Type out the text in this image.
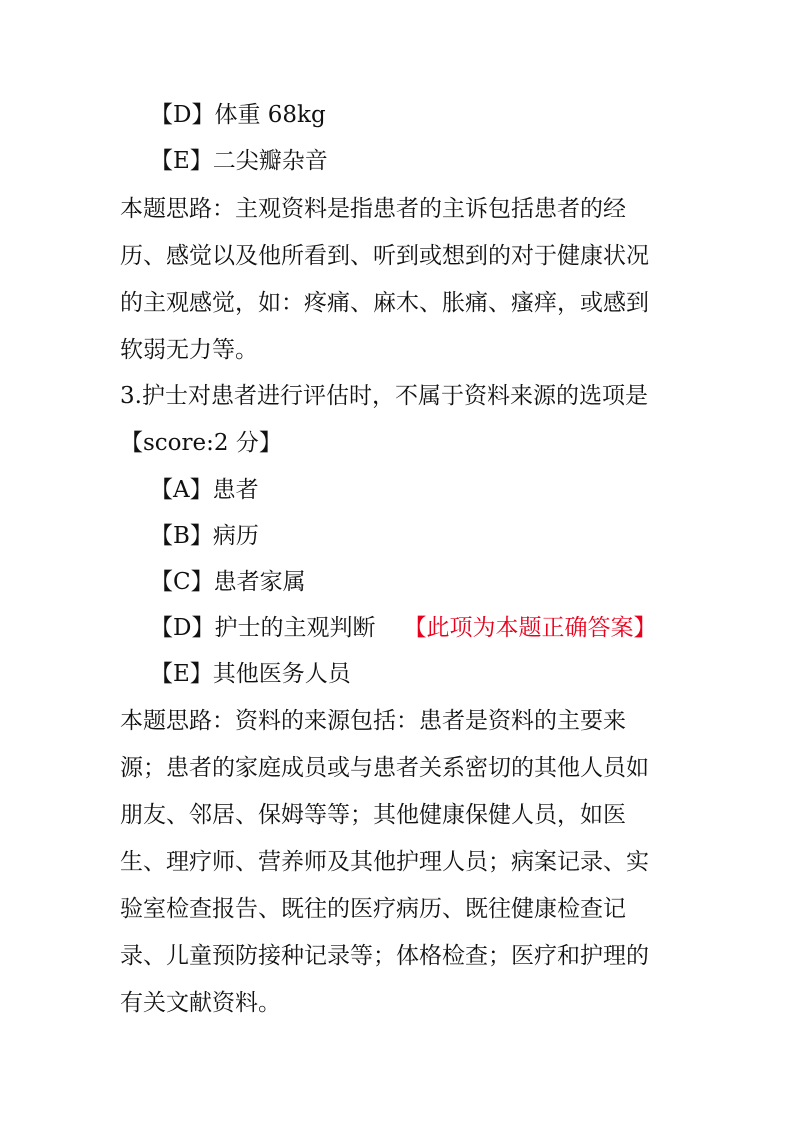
【D】体重 68kg
【E】二尖瓣杂音
本题思路：主观资料是指患者的主诉包括患者的经
历、感觉以及他所看到、听到或想到的对于健康状况
的主观感觉，如：疼痛、麻木、胀痛、瘙痒，或感到
软弱无力等。
3.护士对患者进行评估时，不属于资料来源的选项是
【score:2 分】
【A】患者
【B】病历
【C】患者家属
【D】护士的主观判断 【此项为本题正确答案】
【E】其他医务人员
本题思路：资料的来源包括：患者是资料的主要来
源；患者的家庭成员或与患者关系密切的其他人员如
朋友、邻居、保姆等等；其他健康保健人员，如医
生、理疗师、营养师及其他护理人员；病案记录、实
验室检查报告、既往的医疗病历、既往健康检查记
录、儿童预防接种记录等；体格检查；医疗和护理的
有关文献资料。
